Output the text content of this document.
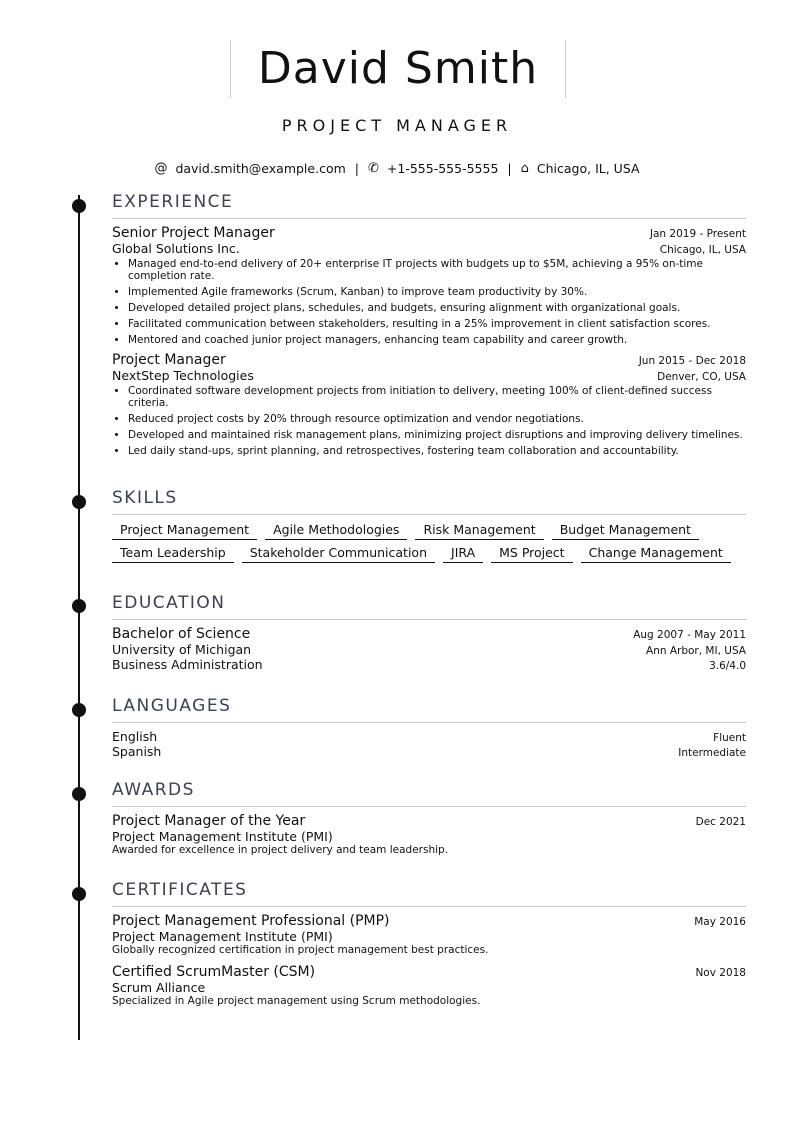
David Smith
PROJECT MANAGER
@ david.smith@example.com | ✆ +1-555-555-5555 | ⌂ Chicago, IL, USA
EXPERIENCE
Senior Project Manager	Jan 2019 - Present
Global Solutions Inc.	Chicago, IL, USA
• Managed end-to-end delivery of 20+ enterprise IT projects with budgets up to $5M, achieving a 95% on-time completion rate.
• Implemented Agile frameworks (Scrum, Kanban) to improve team productivity by 30%.
• Developed detailed project plans, schedules, and budgets, ensuring alignment with organizational goals.
• Facilitated communication between stakeholders, resulting in a 25% improvement in client satisfaction scores.
• Mentored and coached junior project managers, enhancing team capability and career growth.
Project Manager	Jun 2015 - Dec 2018
NextStep Technologies	Denver, CO, USA
• Coordinated software development projects from initiation to delivery, meeting 100% of client-defined success criteria.
• Reduced project costs by 20% through resource optimization and vendor negotiations.
• Developed and maintained risk management plans, minimizing project disruptions and improving delivery timelines.
• Led daily stand-ups, sprint planning, and retrospectives, fostering team collaboration and accountability.
SKILLS
Project Management	Agile Methodologies	Risk Management	Budget Management
Team Leadership	Stakeholder Communication	JIRA	MS Project	Change Management
EDUCATION
Bachelor of Science	Aug 2007 - May 2011
University of Michigan	Ann Arbor, MI, USA
Business Administration	3.6/4.0
LANGUAGES
English	Fluent
Spanish	Intermediate
AWARDS
Project Manager of the Year	Dec 2021
Project Management Institute (PMI)
Awarded for excellence in project delivery and team leadership.
CERTIFICATES
Project Management Professional (PMP)	May 2016
Project Management Institute (PMI)
Globally recognized certification in project management best practices.
Certified ScrumMaster (CSM)	Nov 2018
Scrum Alliance
Specialized in Agile project management using Scrum methodologies.
